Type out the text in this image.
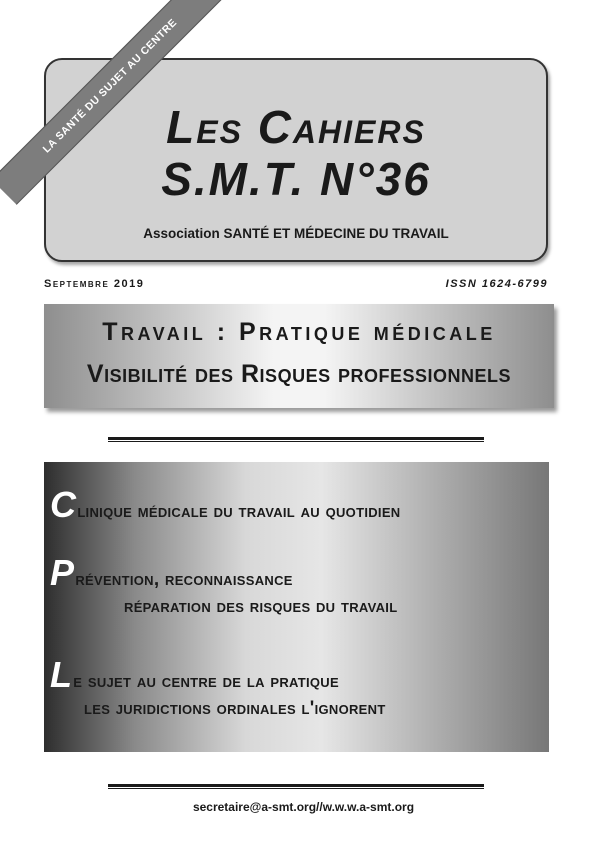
LA SANTÉ DU SUJET AU CENTRE
Les Cahiers
S.M.T. N°36
Association SANTÉ ET MÉDECINE DU TRAVAIL
Septembre 2019	ISSN 1624-6799
Travail : Pratique médicale
Visibilité des Risques professionnels
Clinique médicale du travail au quotidien
Prévention, reconnaissance
réparation des risques du travail
Le sujet au centre de la pratique
les juridictions ordinales l'ignorent
secretaire@a-smt.org//w.w.w.a-smt.org
